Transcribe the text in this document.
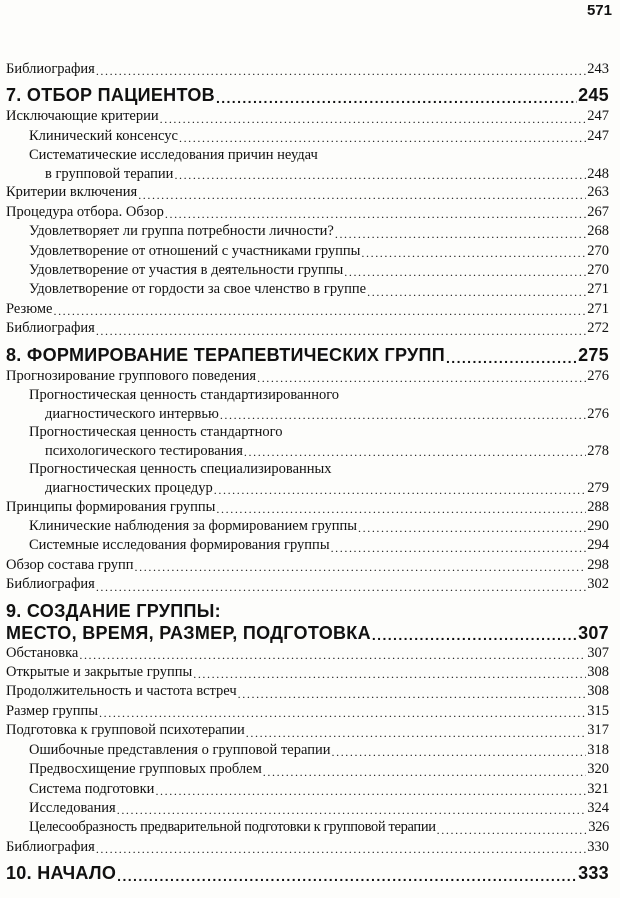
571
Библиография .....	243
7. ОТБОР ПАЦИЕНТОВ .....	245
Исключающие критерии .....	247
Клинический консенсус .....	247
Систематические исследования причин неудач
в групповой терапии .....	248
Критерии включения .....	263
Процедура отбора. Обзор .....	267
Удовлетворяет ли группа потребности личности? .....	268
Удовлетворение от отношений с участниками группы .....	270
Удовлетворение от участия в деятельности группы .....	270
Удовлетворение от гордости за свое членство в группе .....	271
Резюме .....	271
Библиография .....	272
8. ФОРМИРОВАНИЕ ТЕРАПЕВТИЧЕСКИХ ГРУПП .....	275
Прогнозирование группового поведения .....	276
Прогностическая ценность стандартизированного
диагностического интервью .....	276
Прогностическая ценность стандартного
психологического тестирования .....	278
Прогностическая ценность специализированных
диагностических процедур .....	279
Принципы формирования группы .....	288
Клинические наблюдения за формированием группы .....	290
Системные исследования формирования группы .....	294
Обзор состава групп .....	298
Библиография .....	302
9. СОЗДАНИЕ ГРУППЫ:
МЕСТО, ВРЕМЯ, РАЗМЕР, ПОДГОТОВКА .....	307
Обстановка .....	307
Открытые и закрытые группы .....	308
Продолжительность и частота встреч .....	308
Размер группы .....	315
Подготовка к групповой психотерапии .....	317
Ошибочные представления о групповой терапии .....	318
Предвосхищение групповых проблем .....	320
Система подготовки .....	321
Исследования .....	324
Целесообразность предварительной подготовки к групповой терапии .....	326
Библиография .....	330
10. НАЧАЛО .....	333
